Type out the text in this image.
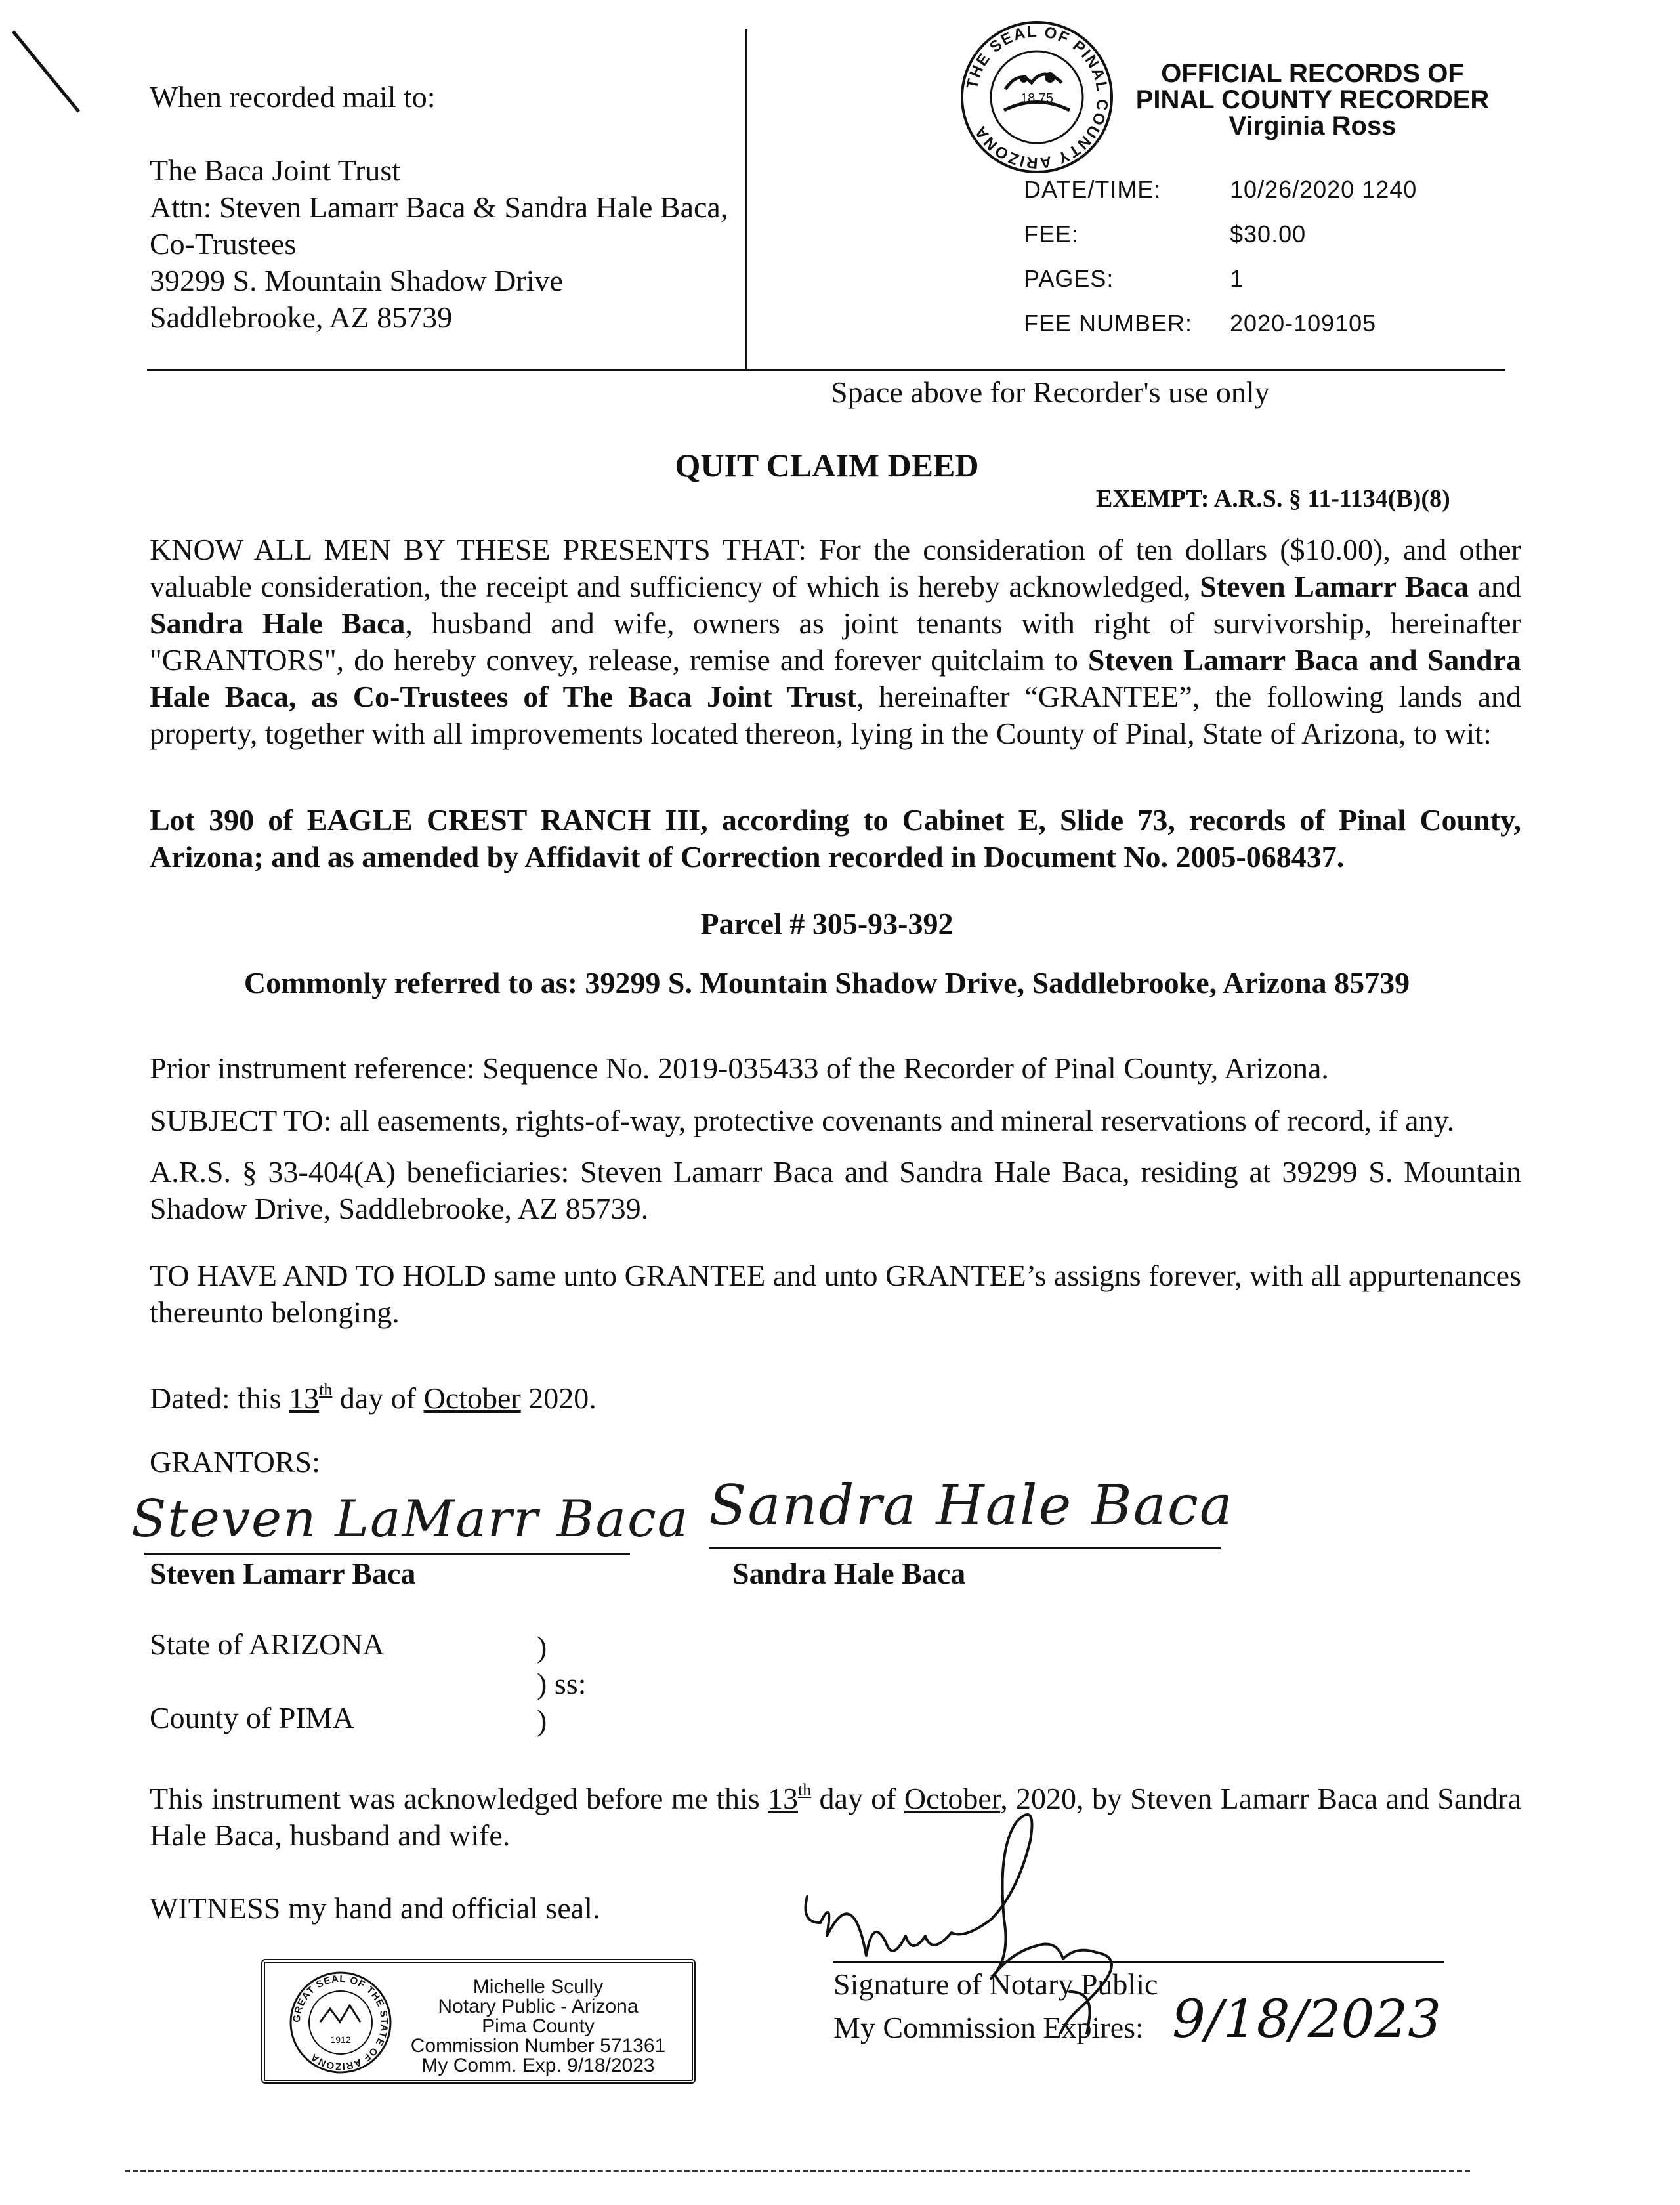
When recorded mail to:
The Baca Joint Trust
Attn: Steven Lamarr Baca & Sandra Hale Baca,
Co-Trustees
39299 S. Mountain Shadow Drive
Saddlebrooke, AZ 85739
THE SEAL OF PINAL COUNTY ARIZONA
18 75
OFFICIAL RECORDS OF
PINAL COUNTY RECORDER
Virginia Ross
DATE/TIME:	10/26/2020 1240
FEE:	$30.00
PAGES:	1
FEE NUMBER:	2020-109105
Space above for Recorder's use only
QUIT CLAIM DEED
EXEMPT: A.R.S. § 11-1134(B)(8)
KNOW ALL MEN BY THESE PRESENTS THAT: For the consideration of ten dollars ($10.00), and other valuable consideration, the receipt and sufficiency of which is hereby acknowledged, Steven Lamarr Baca and Sandra Hale Baca, husband and wife, owners as joint tenants with right of survivorship, hereinafter "GRANTORS", do hereby convey, release, remise and forever quitclaim to Steven Lamarr Baca and Sandra Hale Baca, as Co-Trustees of The Baca Joint Trust, hereinafter “GRANTEE”, the following lands and property, together with all improvements located thereon, lying in the County of Pinal, State of Arizona, to wit:
Lot 390 of EAGLE CREST RANCH III, according to Cabinet E, Slide 73, records of Pinal County, Arizona; and as amended by Affidavit of Correction recorded in Document No. 2005-068437.
Parcel # 305-93-392
Commonly referred to as: 39299 S. Mountain Shadow Drive, Saddlebrooke, Arizona 85739
Prior instrument reference: Sequence No. 2019-035433 of the Recorder of Pinal County, Arizona.
SUBJECT TO: all easements, rights-of-way, protective covenants and mineral reservations of record, if any.
A.R.S. § 33-404(A) beneficiaries: Steven Lamarr Baca and Sandra Hale Baca, residing at 39299 S. Mountain Shadow Drive, Saddlebrooke, AZ 85739.
TO HAVE AND TO HOLD same unto GRANTEE and unto GRANTEE’s assigns forever, with all appurtenances thereunto belonging.
Dated: this 13th day of October 2020.
GRANTORS:
Steven LaMarr Baca
Steven Lamarr Baca
Sandra Hale Baca
Sandra Hale Baca
State of ARIZONA
County of PIMA
)
) ss:
)
This instrument was acknowledged before me this 13th day of October, 2020, by Steven Lamarr Baca and Sandra Hale Baca, husband and wife.
WITNESS my hand and official seal.
Signature of Notary Public
My Commission Expires: 9/18/2023
GREAT SEAL OF THE STATE OF ARIZONA
1912
Michelle Scully
Notary Public - Arizona
Pima County
Commission Number 571361
My Comm. Exp. 9/18/2023
